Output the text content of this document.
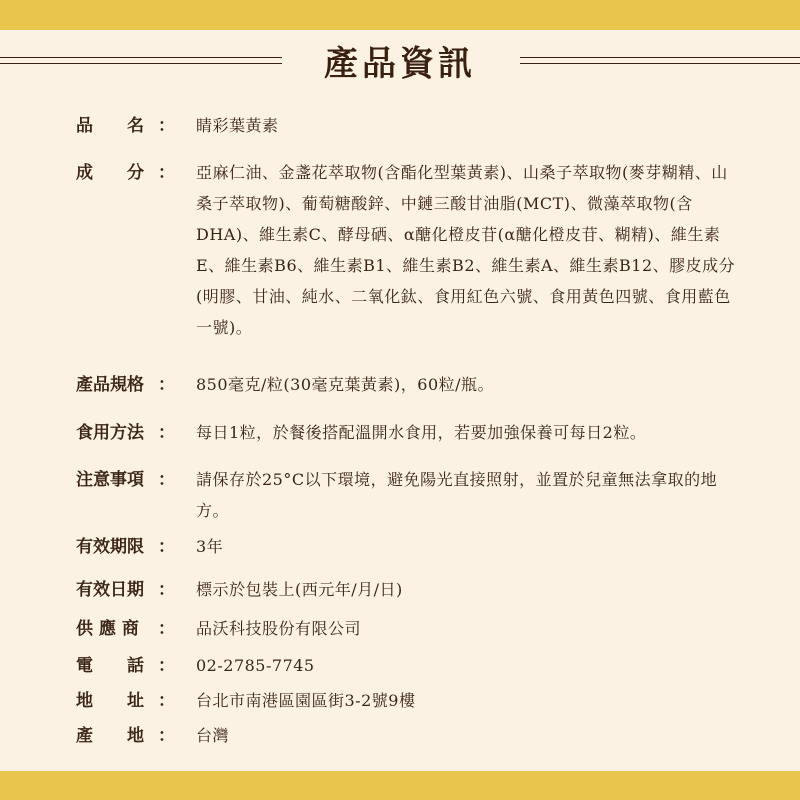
產品資訊
品　　名 ： 睛彩葉黃素
成　　分 ： 亞麻仁油、金盞花萃取物(含酯化型葉黃素)、山桑子萃取物(麥芽糊精、山桑子萃取物)、葡萄糖酸鋅、中鏈三酸甘油脂(MCT)、微藻萃取物(含DHA)、維生素C、酵母硒、α醣化橙皮苷(α醣化橙皮苷、糊精)、維生素E、維生素B6、維生素B1、維生素B2、維生素A、維生素B12、膠皮成分(明膠、甘油、純水、二氧化鈦、食用紅色六號、食用黃色四號、食用藍色一號)。
產品規格 ： 850毫克/粒(30毫克葉黃素)，60粒/瓶。
食用方法 ： 每日1粒，於餐後搭配溫開水食用，若要加強保養可每日2粒。
注意事項 ： 請保存於25°C以下環境，避免陽光直接照射，並置於兒童無法拿取的地方。
有效期限 ： 3年
有效日期 ： 標示於包裝上(西元年/月/日)
供 應 商	： 品沃科技股份有限公司
電　　話 ： 02-2785-7745
地　　址 ： 台北市南港區園區街3-2號9樓
產　　地 ： 台灣
